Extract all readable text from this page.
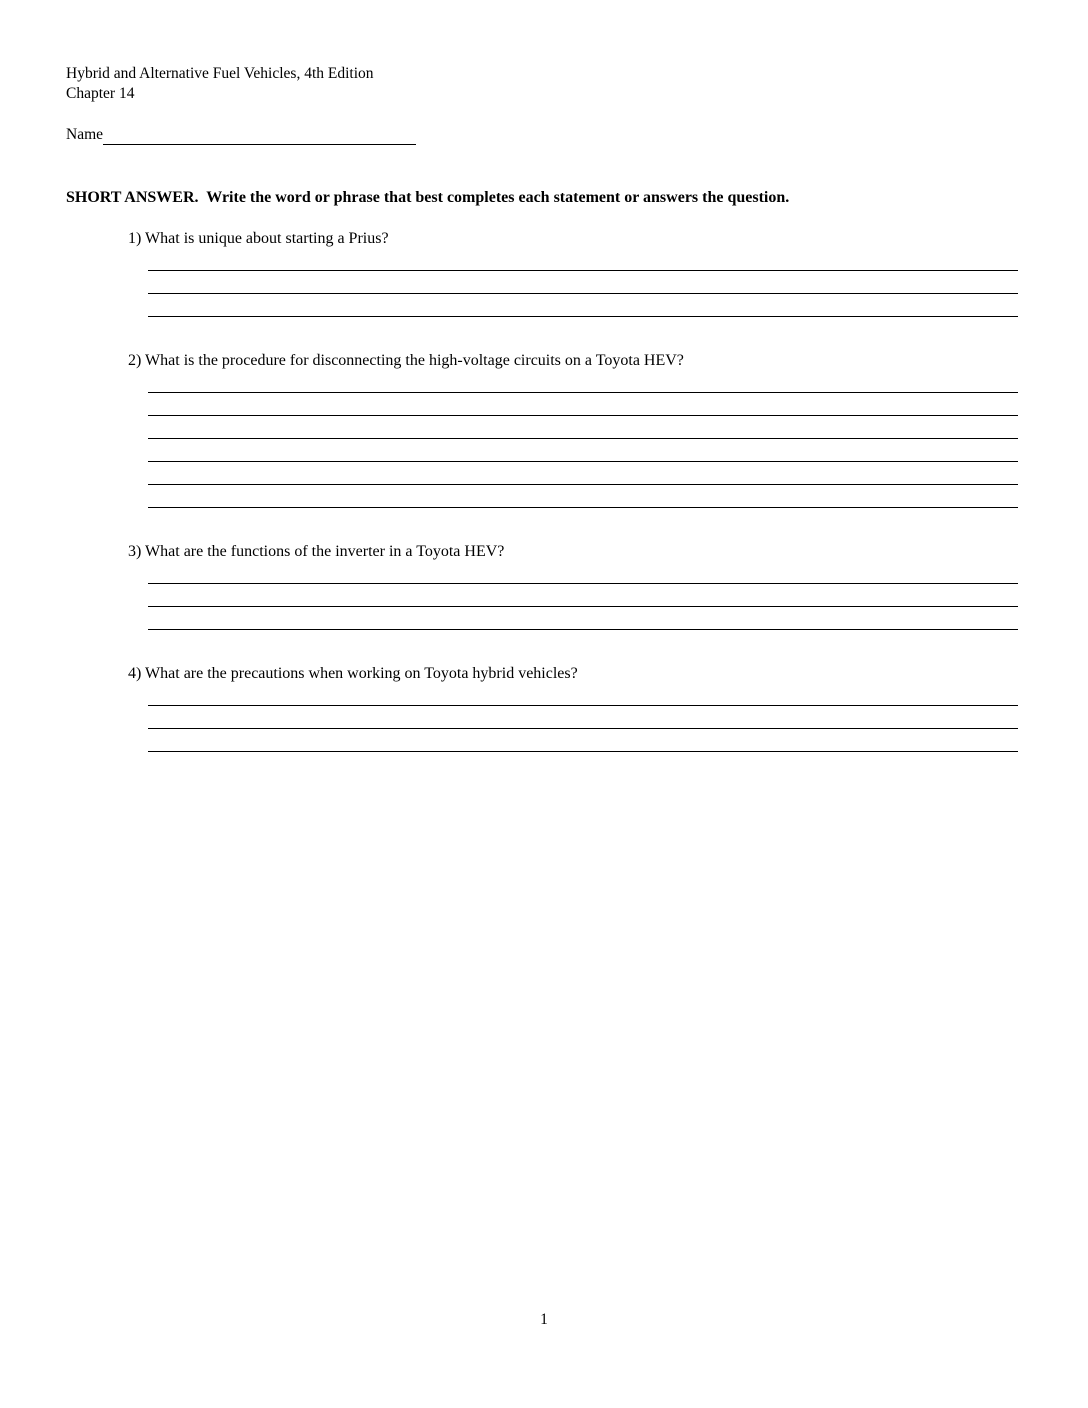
Hybrid and Alternative Fuel Vehicles, 4th Edition
Chapter 14
Name
SHORT ANSWER.  Write the word or phrase that best completes each statement or answers the question.
1) What is unique about starting a Prius?
2) What is the procedure for disconnecting the high-voltage circuits on a Toyota HEV?
3) What are the functions of the inverter in a Toyota HEV?
4) What are the precautions when working on Toyota hybrid vehicles?
1
